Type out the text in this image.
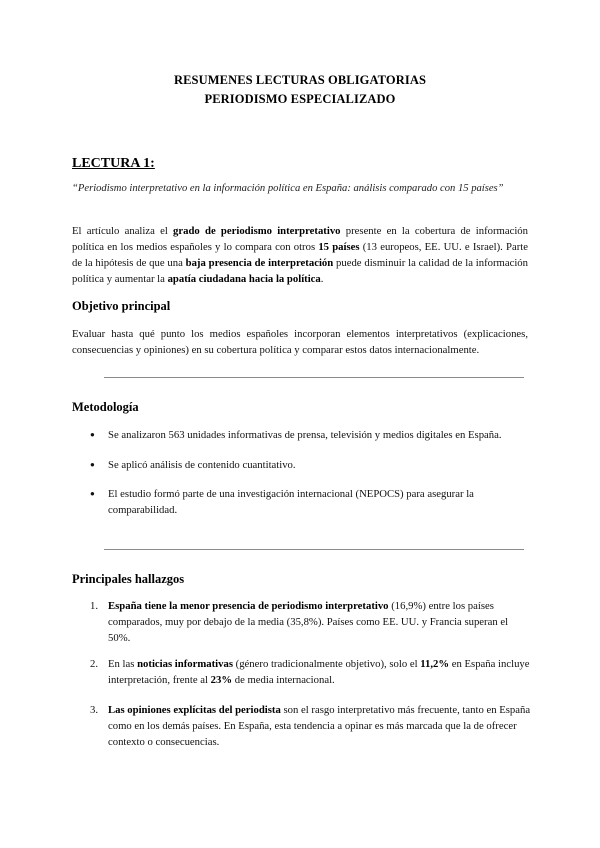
RESUMENES LECTURAS OBLIGATORIAS
PERIODISMO ESPECIALIZADO
LECTURA 1:
“Periodismo interpretativo en la información política en España: análisis comparado con 15 países”
El artículo analiza el grado de periodismo interpretativo presente en la cobertura de información política en los medios españoles y lo compara con otros 15 países (13 europeos, EE. UU. e Israel). Parte de la hipótesis de que una baja presencia de interpretación puede disminuir la calidad de la información política y aumentar la apatía ciudadana hacia la política.
Objetivo principal
Evaluar hasta qué punto los medios españoles incorporan elementos interpretativos (explicaciones, consecuencias y opiniones) en su cobertura política y comparar estos datos internacionalmente.
Metodología
● Se analizaron 563 unidades informativas de prensa, televisión y medios digitales en España.
● Se aplicó análisis de contenido cuantitativo.
● El estudio formó parte de una investigación internacional (NEPOCS) para asegurar la comparabilidad.
Principales hallazgos
1. España tiene la menor presencia de periodismo interpretativo (16,9%) entre los países comparados, muy por debajo de la media (35,8%). Países como EE. UU. y Francia superan el 50%.
2. En las noticias informativas (género tradicionalmente objetivo), solo el 11,2% en España incluye interpretación, frente al 23% de media internacional.
3. Las opiniones explícitas del periodista son el rasgo interpretativo más frecuente, tanto en España como en los demás países. En España, esta tendencia a opinar es más marcada que la de ofrecer contexto o consecuencias.
